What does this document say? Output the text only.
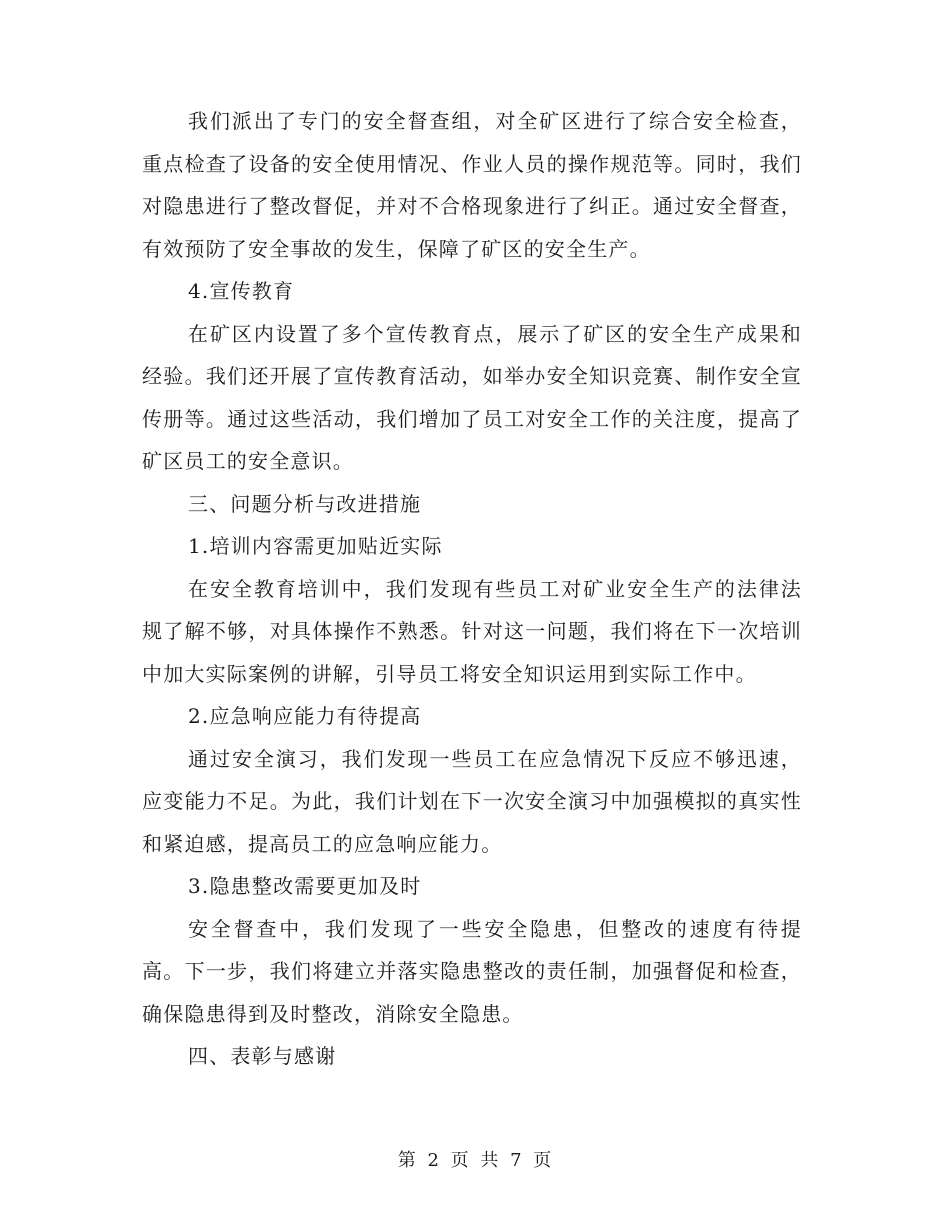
我们派出了专门的安全督查组，对全矿区进行了综合安全检查，重点检查了设备的安全使用情况、作业人员的操作规范等。同时，我们对隐患进行了整改督促，并对不合格现象进行了纠正。通过安全督查，有效预防了安全事故的发生，保障了矿区的安全生产。

4.宣传教育

在矿区内设置了多个宣传教育点，展示了矿区的安全生产成果和经验。我们还开展了宣传教育活动，如举办安全知识竞赛、制作安全宣传册等。通过这些活动，我们增加了员工对安全工作的关注度，提高了矿区员工的安全意识。

三、问题分析与改进措施

1.培训内容需更加贴近实际

在安全教育培训中，我们发现有些员工对矿业安全生产的法律法规了解不够，对具体操作不熟悉。针对这一问题，我们将在下一次培训中加大实际案例的讲解，引导员工将安全知识运用到实际工作中。

2.应急响应能力有待提高

通过安全演习，我们发现一些员工在应急情况下反应不够迅速，应变能力不足。为此，我们计划在下一次安全演习中加强模拟的真实性和紧迫感，提高员工的应急响应能力。

3.隐患整改需要更加及时

安全督查中，我们发现了一些安全隐患，但整改的速度有待提高。下一步，我们将建立并落实隐患整改的责任制，加强督促和检查，确保隐患得到及时整改，消除安全隐患。

四、表彰与感谢

第 2 页 共 7 页
